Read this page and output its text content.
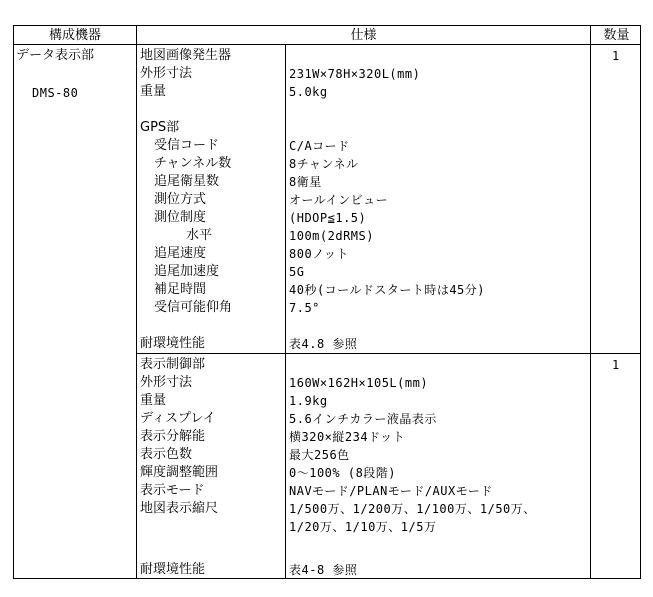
構成機器	仕様	数量
データ表示部
DMS-80
1
1
地図画像発生器
外形寸法
重量
GPS部
受信コード
チャンネル数
追尾衛星数
測位方式
測位制度
水平
追尾速度
追尾加速度
補足時間
受信可能仰角
耐環境性能
231W×78H×320L(mm)
5.0kg
C/Aコード
8チャンネル
8衛星
オールインビュー
(HDOP≦1.5)
100m(2dRMS)
800ノット
5G
40秒(コールドスタート時は45分)
7.5°
表4.8 参照
表示制御部
外形寸法
重量
ディスプレイ
表示分解能
表示色数
輝度調整範囲
表示モード
地図表示縮尺
耐環境性能
160W×162H×105L(mm)
1.9kg
5.6インチカラー液晶表示
横320×縦234ドット
最大256色
0～100% (8段階)
NAVモード/PLANモード/AUXモード
1/500万、1/200万、1/100万、1/50万、
1/20万、1/10万、1/5万
表4-8 参照
